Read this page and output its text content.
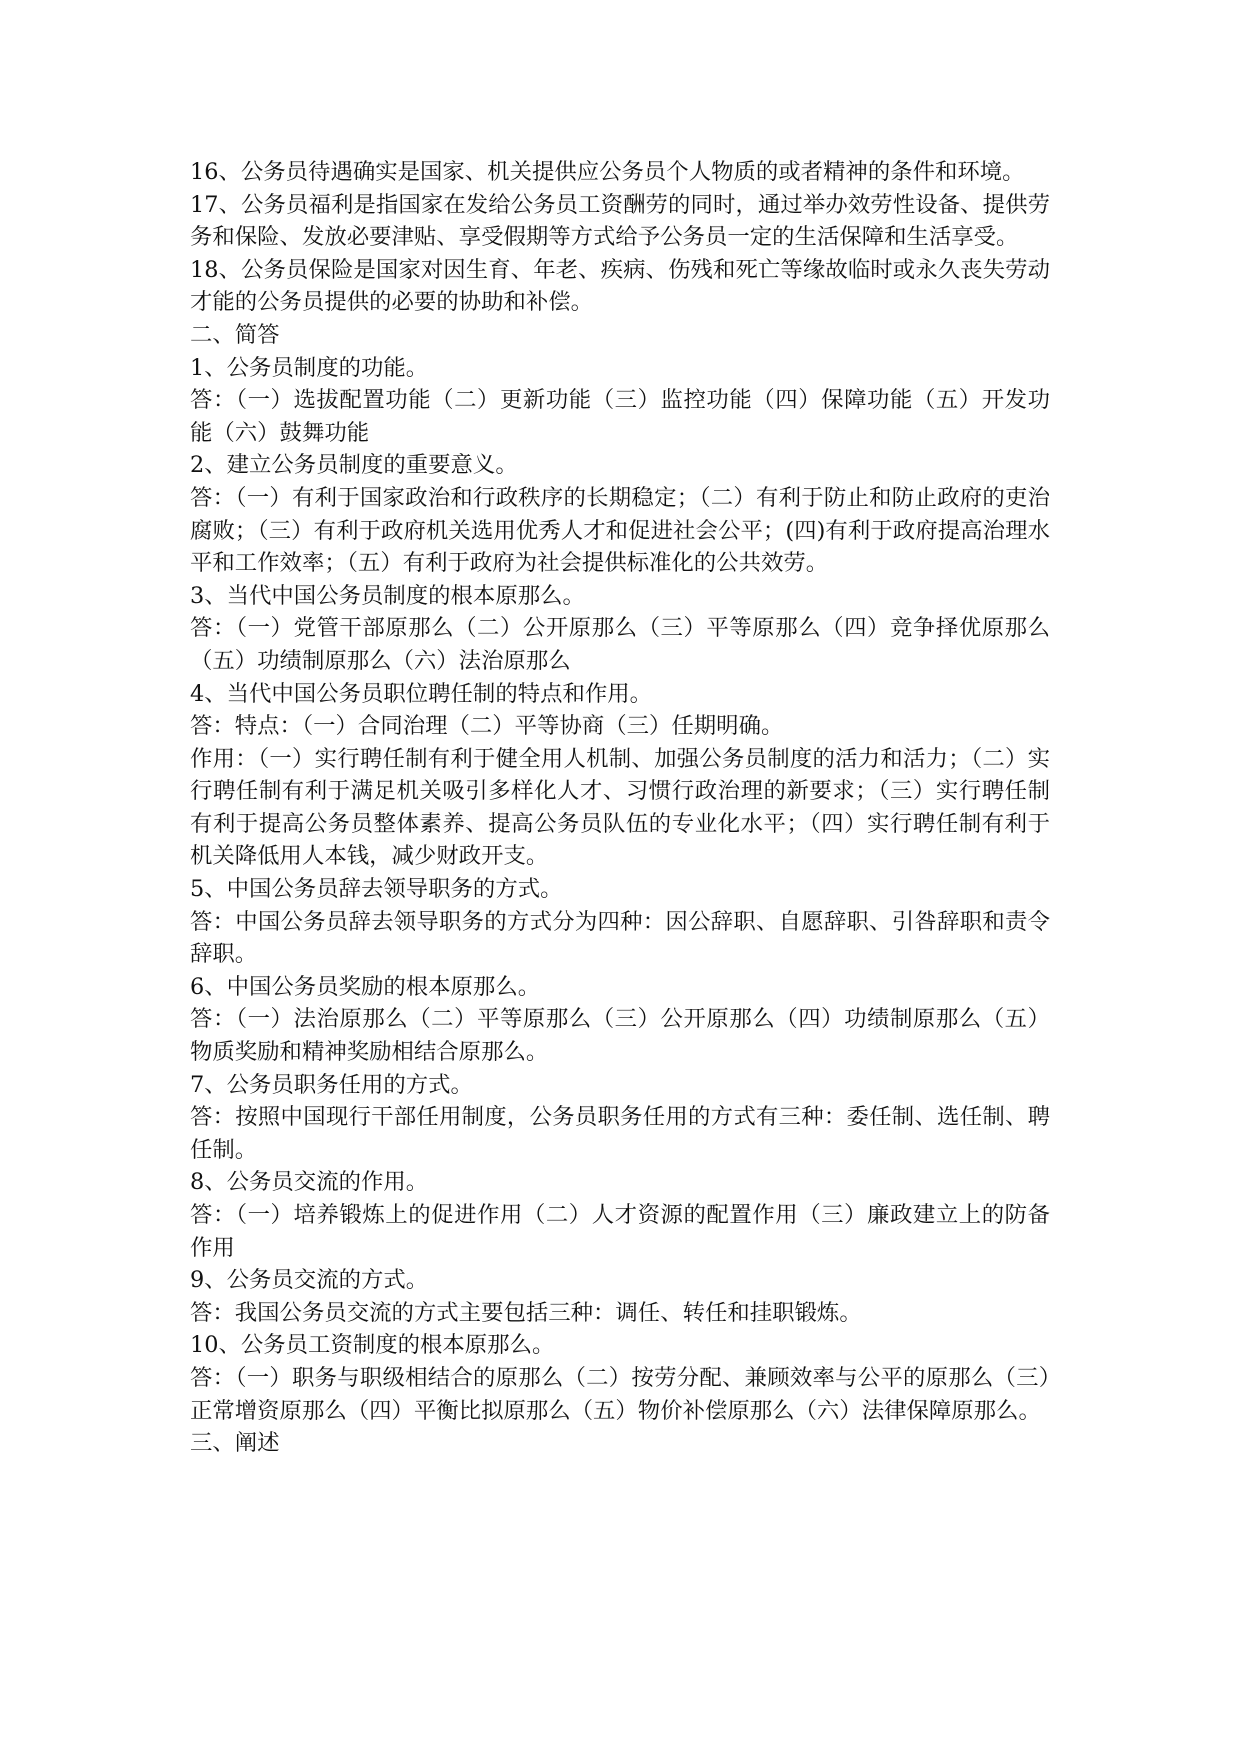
16、公务员待遇确实是国家、机关提供应公务员个人物质的或者精神的条件和环境。

17、公务员福利是指国家在发给公务员工资酬劳的同时，通过举办效劳性设备、提供劳务和保险、发放必要津贴、享受假期等方式给予公务员一定的生活保障和生活享受。

18、公务员保险是国家对因生育、年老、疾病、伤残和死亡等缘故临时或永久丧失劳动才能的公务员提供的必要的协助和补偿。

二、简答

1、公务员制度的功能。

答：（一）选拔配置功能（二）更新功能（三）监控功能（四）保障功能（五）开发功能（六）鼓舞功能

2、建立公务员制度的重要意义。

答：（一）有利于国家政治和行政秩序的长期稳定；（二）有利于防止和防止政府的吏治腐败；（三）有利于政府机关选用优秀人才和促进社会公平；(四)有利于政府提高治理水平和工作效率；（五）有利于政府为社会提供标准化的公共效劳。

3、当代中国公务员制度的根本原那么。

答：（一）党管干部原那么（二）公开原那么（三）平等原那么（四）竞争择优原那么（五）功绩制原那么（六）法治原那么

4、当代中国公务员职位聘任制的特点和作用。

答：特点：（一）合同治理（二）平等协商（三）任期明确。

作用：（一）实行聘任制有利于健全用人机制、加强公务员制度的活力和活力；（二）实行聘任制有利于满足机关吸引多样化人才、习惯行政治理的新要求；（三）实行聘任制有利于提高公务员整体素养、提高公务员队伍的专业化水平；（四）实行聘任制有利于机关降低用人本钱，减少财政开支。

5、中国公务员辞去领导职务的方式。

答：中国公务员辞去领导职务的方式分为四种：因公辞职、自愿辞职、引咎辞职和责令辞职。

6、中国公务员奖励的根本原那么。

答：（一）法治原那么（二）平等原那么（三）公开原那么（四）功绩制原那么（五）物质奖励和精神奖励相结合原那么。

7、公务员职务任用的方式。

答：按照中国现行干部任用制度，公务员职务任用的方式有三种：委任制、选任制、聘任制。

8、公务员交流的作用。

答：（一）培养锻炼上的促进作用（二）人才资源的配置作用（三）廉政建立上的防备作用

9、公务员交流的方式。

答：我国公务员交流的方式主要包括三种：调任、转任和挂职锻炼。

10、公务员工资制度的根本原那么。

答：（一）职务与职级相结合的原那么（二）按劳分配、兼顾效率与公平的原那么（三）正常增资原那么（四）平衡比拟原那么（五）物价补偿原那么（六）法律保障原那么。

三、阐述
